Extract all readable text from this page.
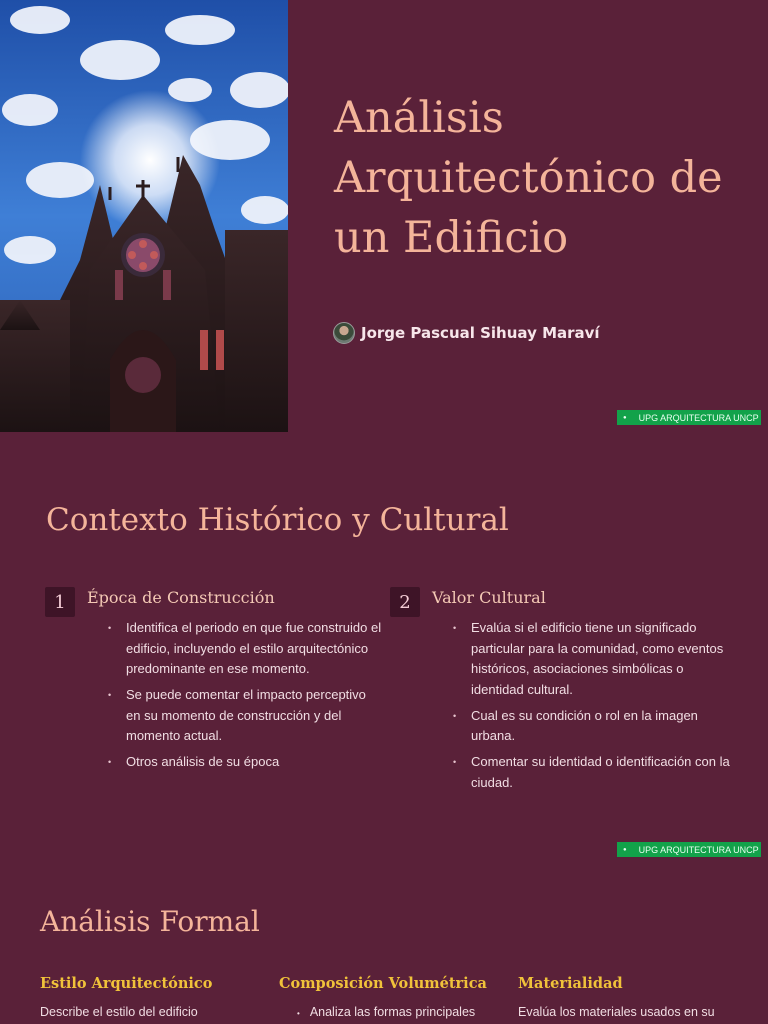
Análisis Arquitectónico de un Edificio
Jorge Pascual Sihuay Maraví
● UPG ARQUITECTURA UNCP
Contexto Histórico y Cultural
1	Época de Construcción
• Identifica el periodo en que fue construido el edificio, incluyendo el estilo arquitectónico predominante en ese momento.
• Se puede comentar el impacto perceptivo en su momento de construcción y del momento actual.
• Otros análisis de su época
2	Valor Cultural
• Evalúa si el edificio tiene un significado particular para la comunidad, como eventos históricos, asociaciones simbólicas o identidad cultural.
• Cual es su condición o rol en la imagen urbana.
• Comentar su identidad o identificación con la ciudad.
● UPG ARQUITECTURA UNCP
Análisis Formal
Estilo Arquitectónico
Describe el estilo del edificio
Composición Volumétrica
• Analiza las formas principales
Materialidad
Evalúa los materiales usados en su
